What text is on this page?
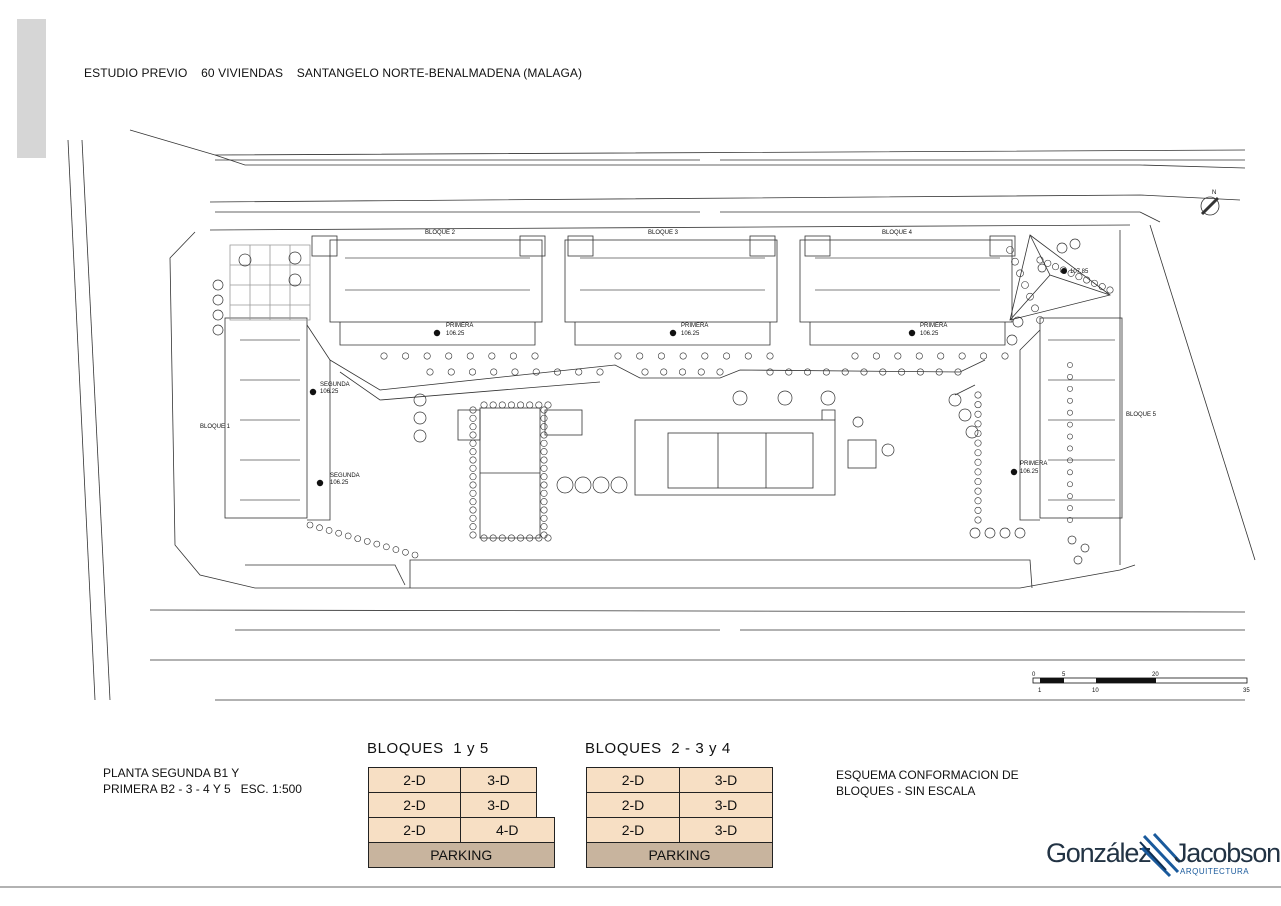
ESTUDIO PREVIO    60 VIVIENDAS    SANTANGELO NORTE-BENALMADENA (MALAGA)
N
BLOQUE 2	BLOQUE 3	BLOQUE 4
BLOQUE 1
BLOQUE 5
SEGUNDA
106.25
SEGUNDA
106.25
PRIMERA
106.25
PRIMERA
106.25
PRIMERA
106.25
PRIMERA
106.25
107.85
0	5	20
1	10	35
PLANTA SEGUNDA B1 Y
PRIMERA B2 - 3 - 4 Y 5   ESC. 1:500
BLOQUES  1 y 5
2-D	3-D	
2-D	3-D	
2-D	4-D	
PARKING		
BLOQUES  2 - 3 y 4
2-D	3-D
2-D	3-D
2-D	3-D
PARKING	
ESQUEMA CONFORMACION DE
BLOQUES - SIN ESCALA
González Jacobson
ARQUITECTURA
